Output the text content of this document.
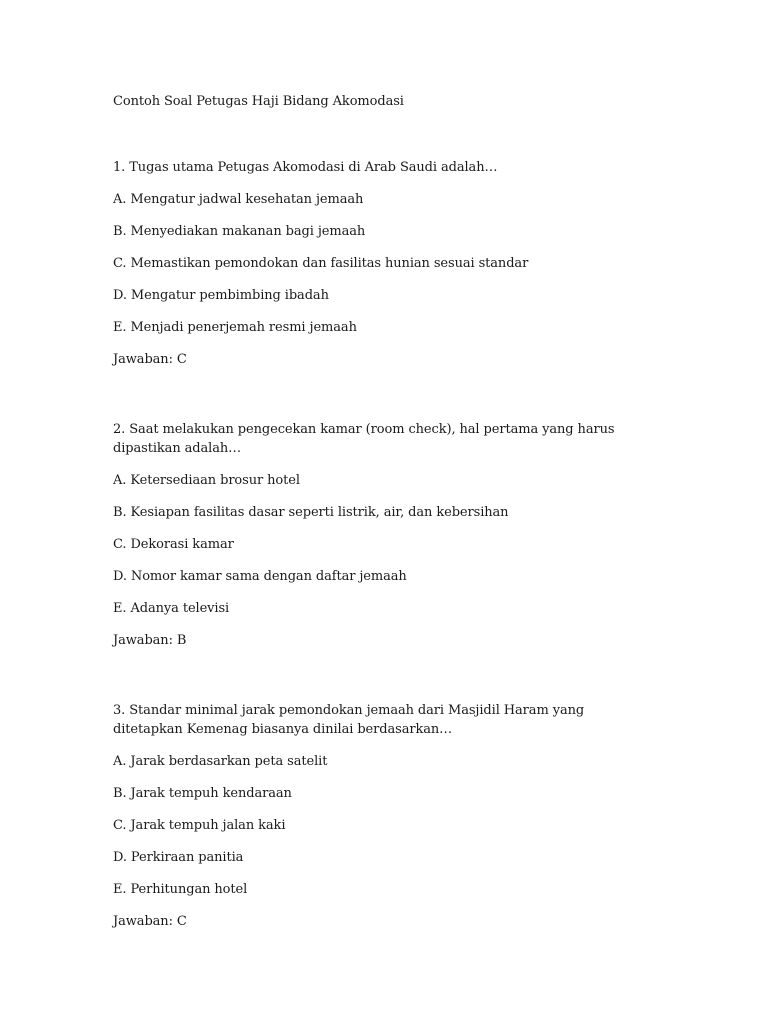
Contoh Soal Petugas Haji Bidang Akomodasi

1. Tugas utama Petugas Akomodasi di Arab Saudi adalah…

A. Mengatur jadwal kesehatan jemaah

B. Menyediakan makanan bagi jemaah

C. Memastikan pemondokan dan fasilitas hunian sesuai standar

D. Mengatur pembimbing ibadah

E. Menjadi penerjemah resmi jemaah

Jawaban: C

2. Saat melakukan pengecekan kamar (room check), hal pertama yang harus dipastikan adalah…

A. Ketersediaan brosur hotel

B. Kesiapan fasilitas dasar seperti listrik, air, dan kebersihan

C. Dekorasi kamar

D. Nomor kamar sama dengan daftar jemaah

E. Adanya televisi

Jawaban: B

3. Standar minimal jarak pemondokan jemaah dari Masjidil Haram yang ditetapkan Kemenag biasanya dinilai berdasarkan…

A. Jarak berdasarkan peta satelit

B. Jarak tempuh kendaraan

C. Jarak tempuh jalan kaki

D. Perkiraan panitia

E. Perhitungan hotel

Jawaban: C
